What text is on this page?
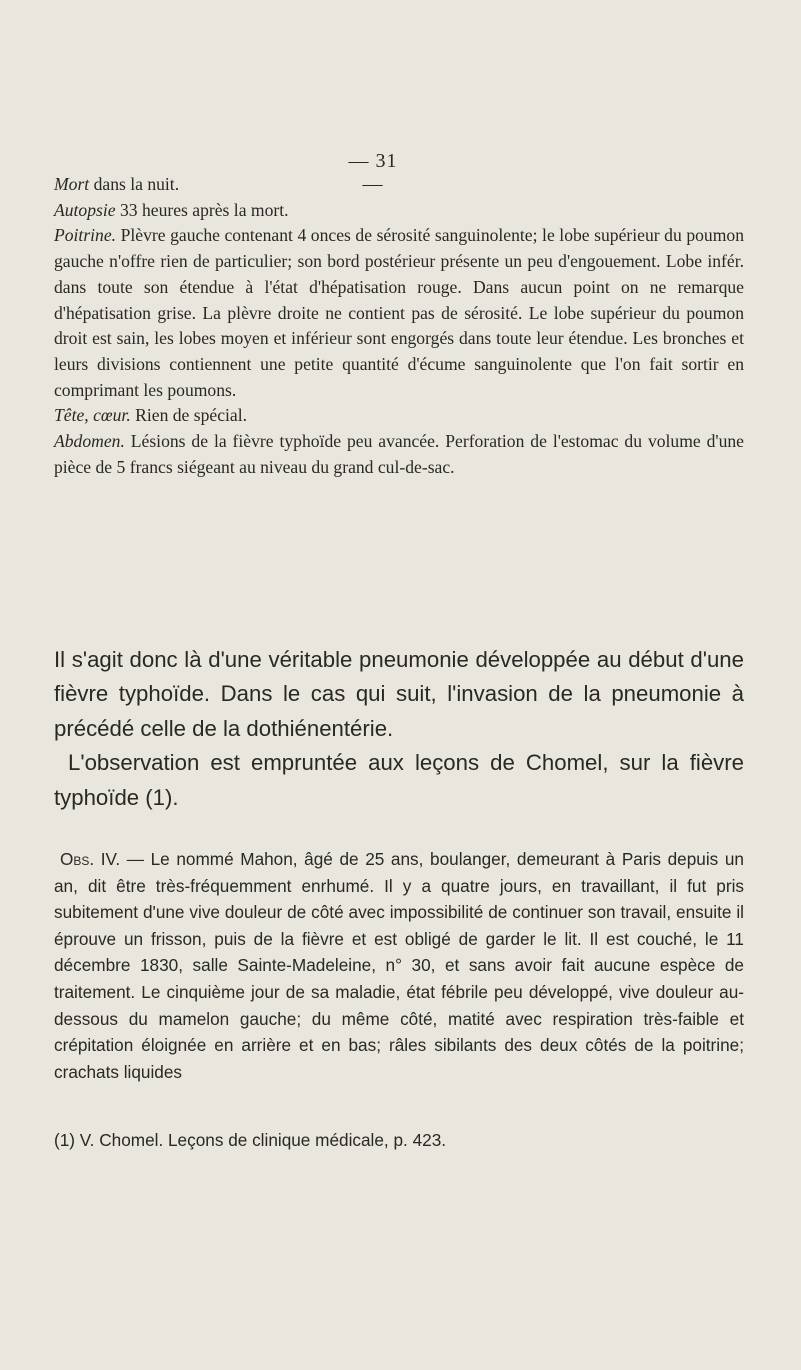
— 31 —

Mort dans la nuit.

Autopsie 33 heures après la mort.

Poitrine. Plèvre gauche contenant 4 onces de sérosité sanguinolente; le lobe supérieur du poumon gauche n'offre rien de particulier; son bord postérieur présente un peu d'engouement. Lobe infér. dans toute son étendue à l'état d'hépatisation rouge. Dans aucun point on ne remarque d'hépatisation grise. La plèvre droite ne contient pas de sérosité. Le lobe supérieur du poumon droit est sain, les lobes moyen et inférieur sont engorgés dans toute leur étendue. Les bronches et leurs divisions contiennent une petite quantité d'écume sanguinolente que l'on fait sortir en comprimant les poumons.

Tête, cœur. Rien de spécial.

Abdomen. Lésions de la fièvre typhoïde peu avancée. Perforation de l'estomac du volume d'une pièce de 5 francs siégeant au niveau du grand cul-de-sac.

Il s'agit donc là d'une véritable pneumonie développée au début d'une fièvre typhoïde. Dans le cas qui suit, l'invasion de la pneumonie à précédé celle de la dothiénentérie.

L'observation est empruntée aux leçons de Chomel, sur la fièvre typhoïde (1).

Obs. IV. — Le nommé Mahon, âgé de 25 ans, boulanger, demeurant à Paris depuis un an, dit être très-fréquemment enrhumé. Il y a quatre jours, en travaillant, il fut pris subitement d'une vive douleur de côté avec impossibilité de continuer son travail, ensuite il éprouve un frisson, puis de la fièvre et est obligé de garder le lit. Il est couché, le 11 décembre 1830, salle Sainte-Madeleine, n° 30, et sans avoir fait aucune espèce de traitement. Le cinquième jour de sa maladie, état fébrile peu développé, vive douleur au-dessous du mamelon gauche; du même côté, matité avec respiration très-faible et crépitation éloignée en arrière et en bas; râles sibilants des deux côtés de la poitrine; crachats liquides

(1) V. Chomel. Leçons de clinique médicale, p. 423.
